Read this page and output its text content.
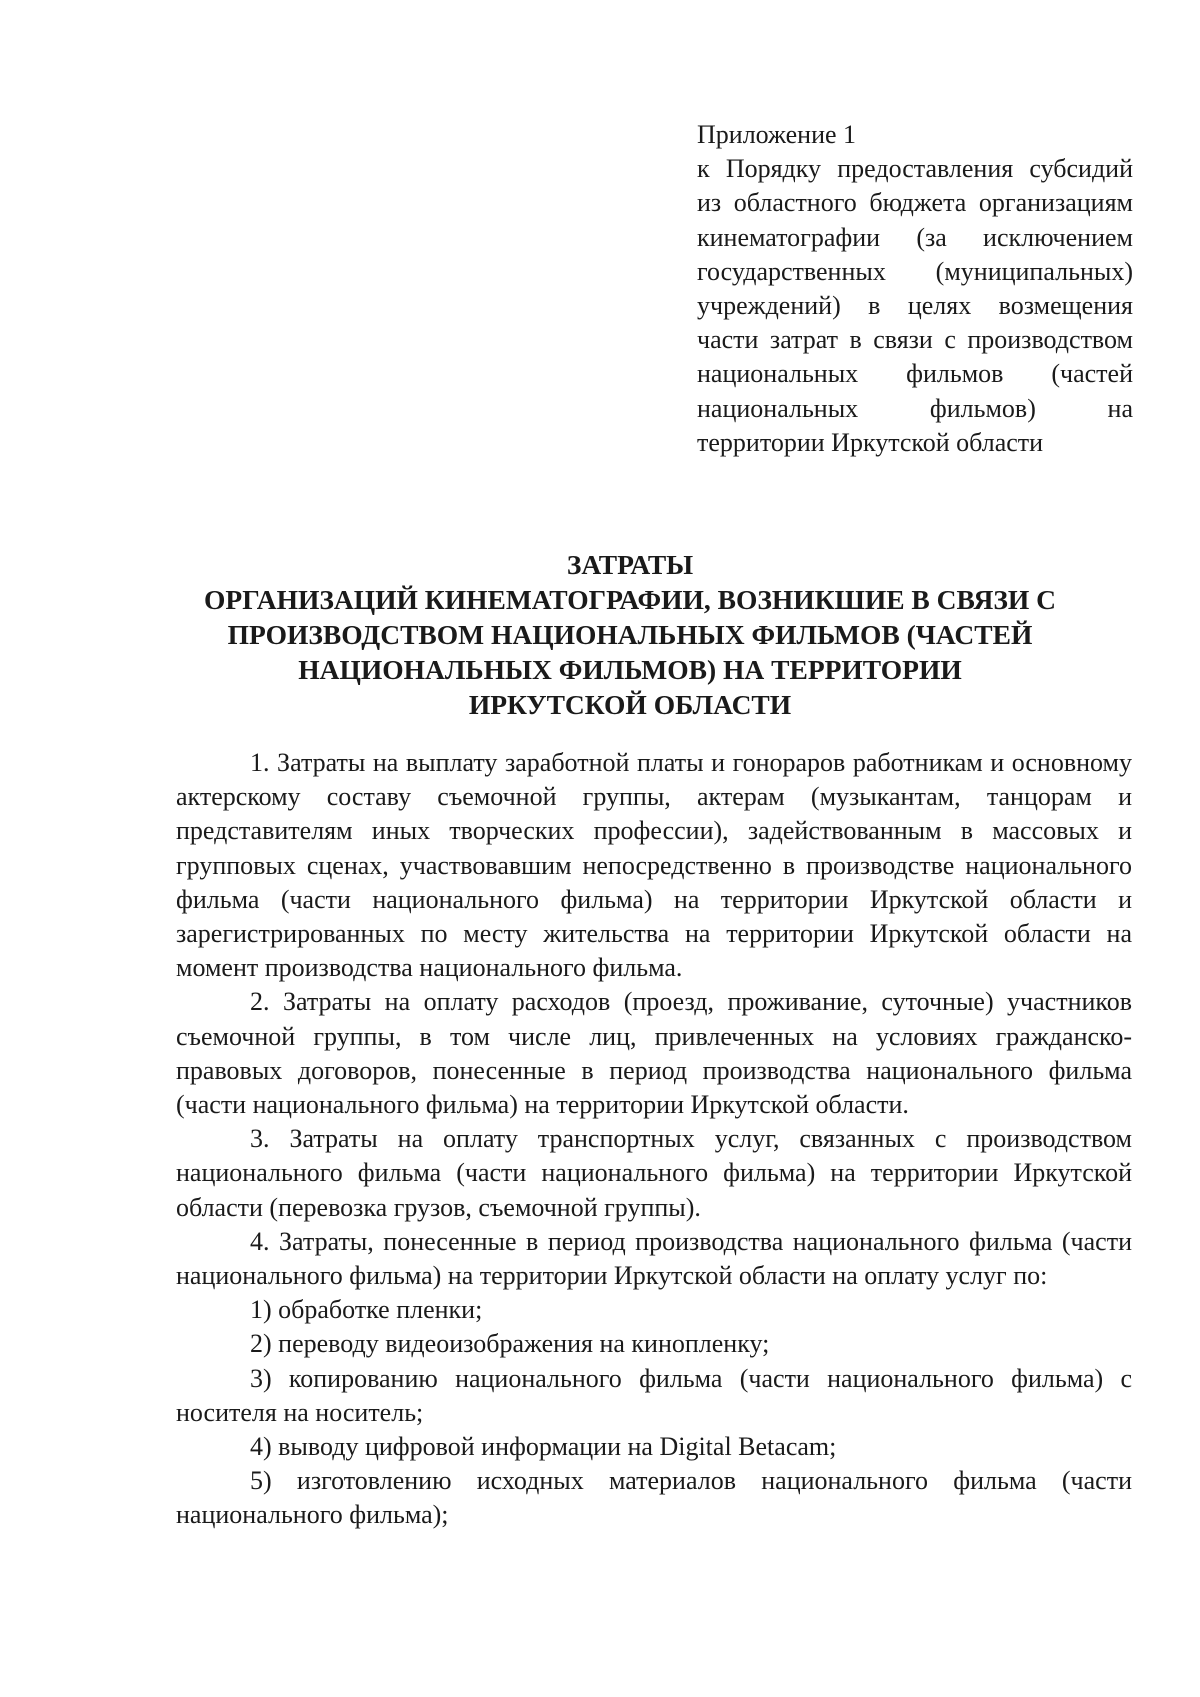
Приложение 1
к Порядку предоставления субсидий из областного бюджета организациям кинематографии (за исключением государственных (муниципальных) учреждений) в целях возмещения части затрат в связи с производством национальных фильмов (частей национальных фильмов) на территории Иркутской области
ЗАТРАТЫ
ОРГАНИЗАЦИЙ КИНЕМАТОГРАФИИ, ВОЗНИКШИЕ В СВЯЗИ С
ПРОИЗВОДСТВОМ НАЦИОНАЛЬНЫХ ФИЛЬМОВ (ЧАСТЕЙ
НАЦИОНАЛЬНЫХ ФИЛЬМОВ) НА ТЕРРИТОРИИ
ИРКУТСКОЙ ОБЛАСТИ

1. Затраты на выплату заработной платы и гонораров работникам и основному актерскому составу съемочной группы, актерам (музыкантам, танцорам и представителям иных творческих профессии), задействованным в массовых и групповых сценах, участвовавшим непосредственно в производстве национального фильма (части национального фильма) на территории Иркутской области и зарегистрированных по месту жительства на территории Иркутской области на момент производства национального фильма.

2. Затраты на оплату расходов (проезд, проживание, суточные) участников съемочной группы, в том числе лиц, привлеченных на условиях гражданско-правовых договоров, понесенные в период производства национального фильма (части национального фильма) на территории Иркутской области.

3. Затраты на оплату транспортных услуг, связанных с производством национального фильма (части национального фильма) на территории Иркутской области (перевозка грузов, съемочной группы).

4. Затраты, понесенные в период производства национального фильма (части национального фильма) на территории Иркутской области на оплату услуг по:

1) обработке пленки;

2) переводу видеоизображения на кинопленку;

3) копированию национального фильма (части национального фильма) с носителя на носитель;

4) выводу цифровой информации на Digital Betacam;

5) изготовлению исходных материалов национального фильма (части национального фильма);
